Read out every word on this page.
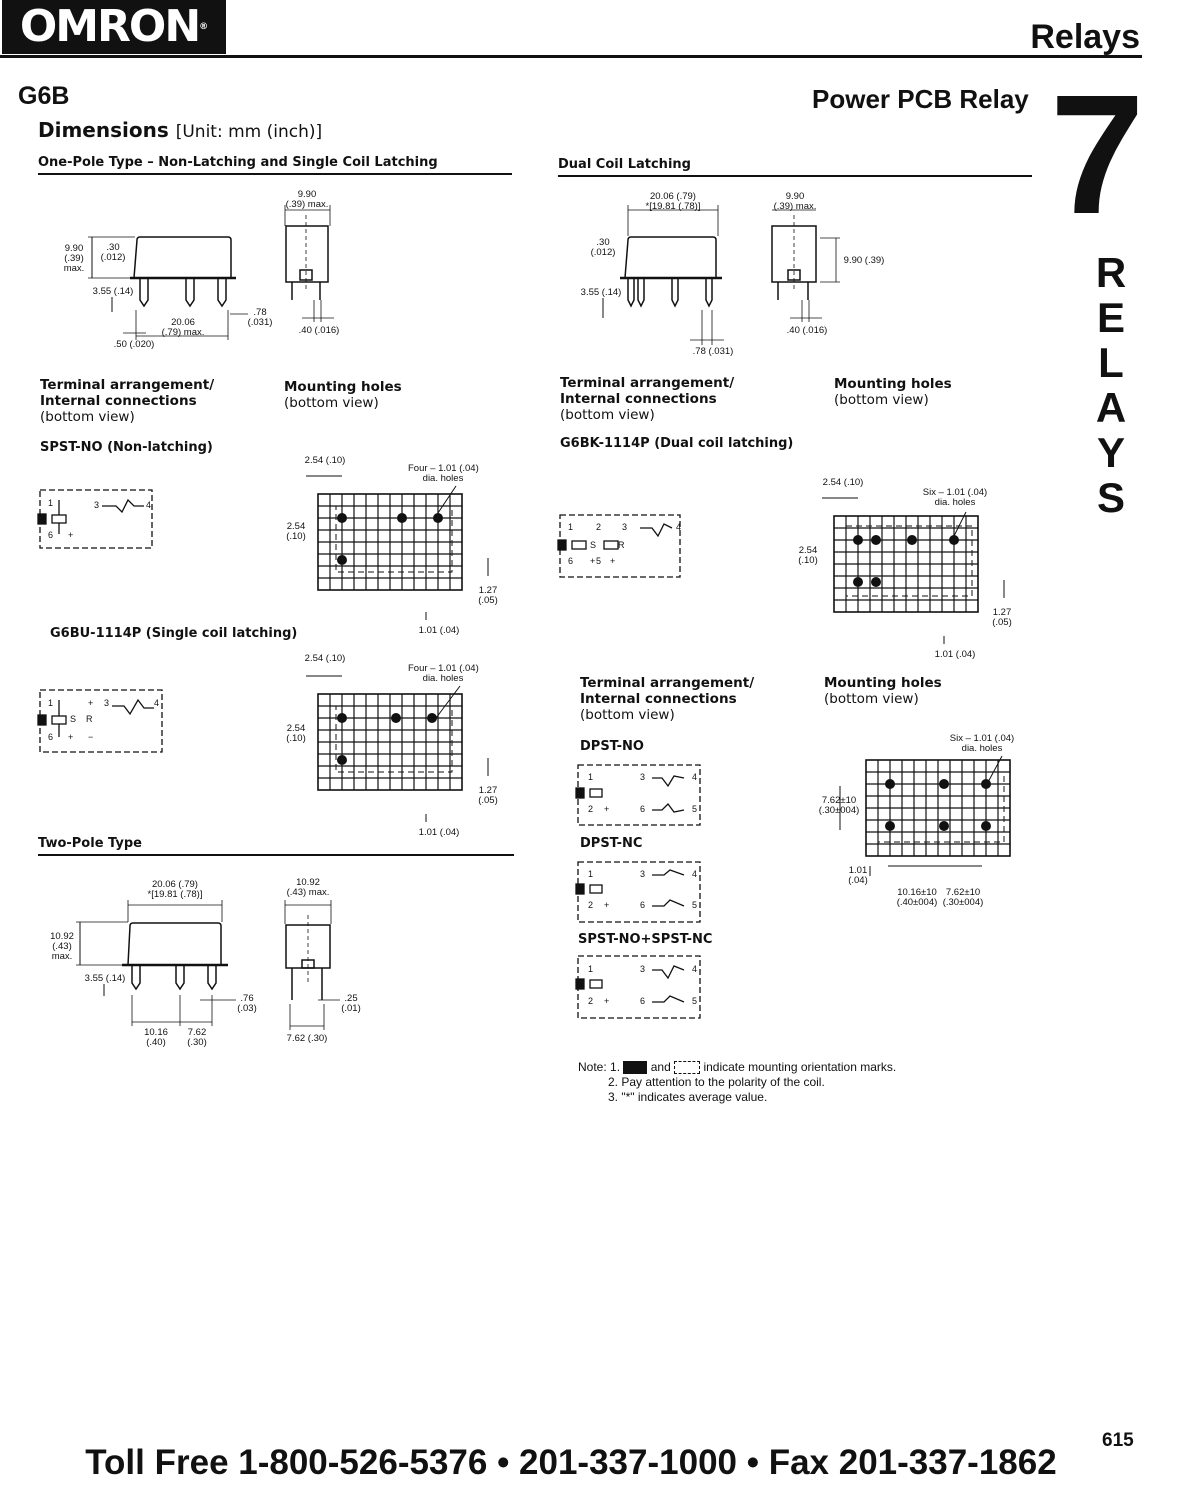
OMRON®	Relays
G6B	Power PCB Relay 7
R
E
L
A
Y
S
Dimensions [Unit: mm (inch)]
One-Pole Type – Non-Latching and Single Coil Latching	Dual Coil Latching
Two-Pole Type
9.90
(.39) max.
9.90
(.39)
max.
.30
(.012)
3.55 (.14)
.78
(.031)
20.06
(.79) max.
.50 (.020)
.40 (.016)
20.06 (.79)
*[19.81 (.78)]
9.90
(.39) max.
.30
(.012)
3.55 (.14)
9.90 (.39)
.78 (.031)
.40 (.016)
Terminal arrangement/
Internal connections
(bottom view)
Mounting holes
(bottom view)
SPST-NO (Non-latching)
G6BU-1114P (Single coil latching)
Terminal arrangement/
Internal connections
(bottom view)
Mounting holes
(bottom view)
G6BK-1114P (Dual coil latching)
Terminal arrangement/
Internal connections
(bottom view)
Mounting holes
(bottom view)
DPST-NO
DPST-NC
SPST-NO+SPST-NC
1	3	4
6 +
1	+ 3	4
S R
6 + −
1	2 3	4
S R
6 + 5 +
1	3	4
2 +	6	5
1	3	4
2 +	6	5
1	3	4
2 +	6	5
2.54 (.10)
Four – 1.01 (.04)
dia. holes
2.54
(.10)
1.27
(.05)
1.01 (.04)
2.54 (.10)
Four – 1.01 (.04)
dia. holes
2.54
(.10)
1.27
(.05)
1.01 (.04)
2.54 (.10)
Six – 1.01 (.04)
dia. holes
2.54
(.10)
1.27
(.05)
1.01 (.04)
Six – 1.01 (.04)
dia. holes
7.62±10
(.30±004)
1.01
(.04)
10.16±10
(.40±004)
7.62±10
(.30±004)
20.06 (.79)
*[19.81 (.78)]
10.92
(.43) max.
10.92
(.43)
max.
3.55 (.14)
.76
(.03)
.25
(.01)
10.16
(.40)
7.62
(.30)	7.62 (.30)
Note: 1.	and	indicate mounting orientation marks.
2. Pay attention to the polarity of the coil.
3. "*" indicates average value.
615
Toll Free 1-800-526-5376 • 201-337-1000 • Fax 201-337-1862
